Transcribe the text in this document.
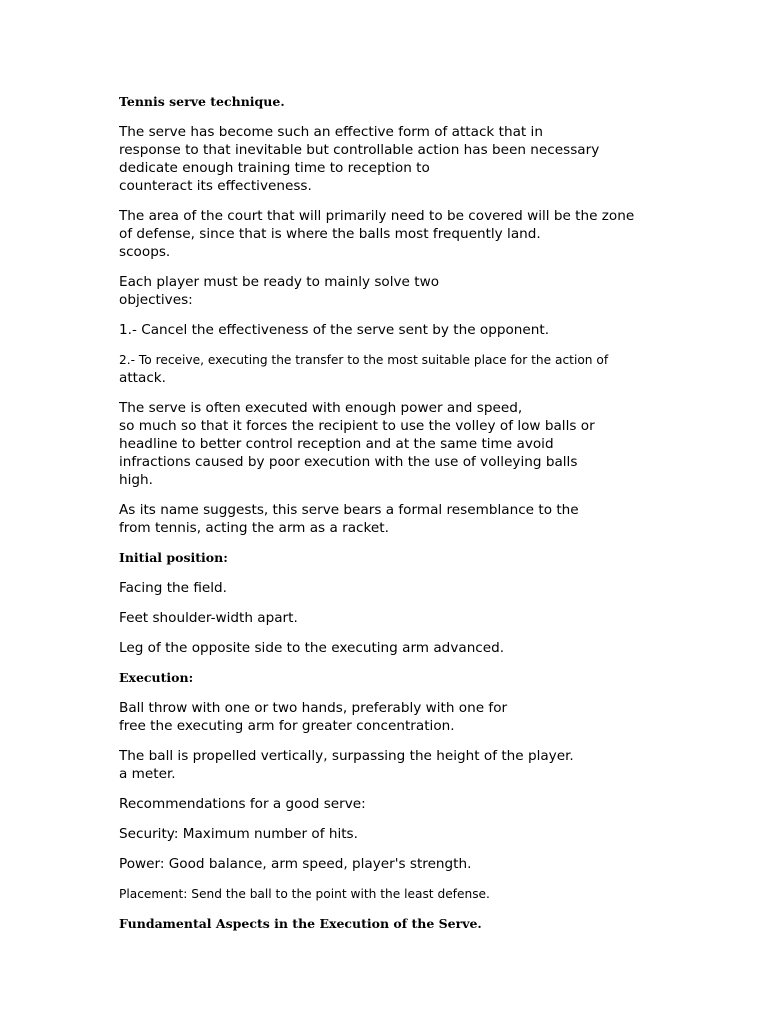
Tennis serve technique.
The serve has become such an effective form of attack that in
response to that inevitable but controllable action has been necessary
dedicate enough training time to reception to
counteract its effectiveness.
The area of the court that will primarily need to be covered will be the zone
of defense, since that is where the balls most frequently land.
scoops.
Each player must be ready to mainly solve two
objectives:
1.- Cancel the effectiveness of the serve sent by the opponent.
2.- To receive, executing the transfer to the most suitable place for the action of
attack.
The serve is often executed with enough power and speed,
so much so that it forces the recipient to use the volley of low balls or
headline to better control reception and at the same time avoid
infractions caused by poor execution with the use of volleying balls
high.
As its name suggests, this serve bears a formal resemblance to the
from tennis, acting the arm as a racket.
Initial position:
Facing the field.
Feet shoulder-width apart.
Leg of the opposite side to the executing arm advanced.
Execution:
Ball throw with one or two hands, preferably with one for
free the executing arm for greater concentration.
The ball is propelled vertically, surpassing the height of the player.
a meter.
Recommendations for a good serve:
Security: Maximum number of hits.
Power: Good balance, arm speed, player's strength.
Placement: Send the ball to the point with the least defense.
Fundamental Aspects in the Execution of the Serve.
